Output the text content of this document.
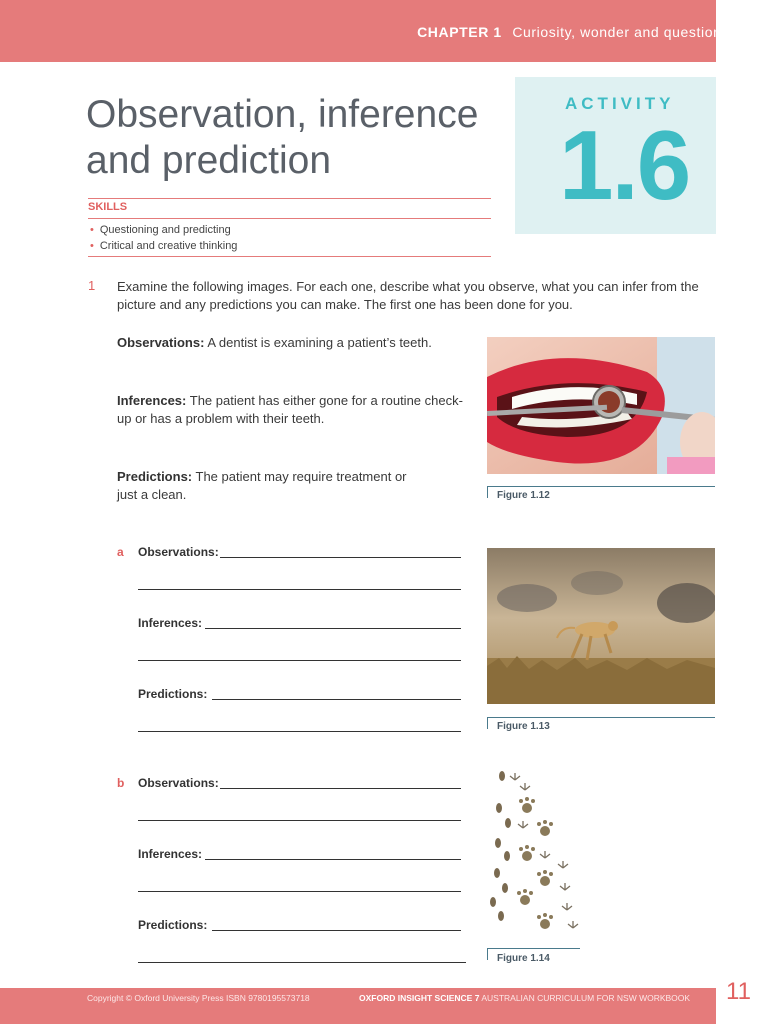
CHAPTER 1 Curiosity, wonder and questioning
Observation, inference and prediction
ACTIVITY
1.6
SKILLS
• Questioning and predicting
• Critical and creative thinking
1 Examine the following images. For each one, describe what you observe, what you can infer from the picture and any predictions you can make. The first one has been done for you.
Observations: A dentist is examining a patient’s teeth.
Inferences: The patient has either gone for a routine check-up or has a problem with their teeth.
Predictions: The patient may require treatment or just a clean.	Figure 1.12
a Observations:
Inferences:
Predictions:
Figure 1.13
b Observations:
Inferences:
Predictions:
Figure 1.14
Copyright © Oxford University Press ISBN 9780195573718	OXFORD INSIGHT SCIENCE 7 AUSTRALIAN CURRICULUM FOR NSW WORKBOOK 11
